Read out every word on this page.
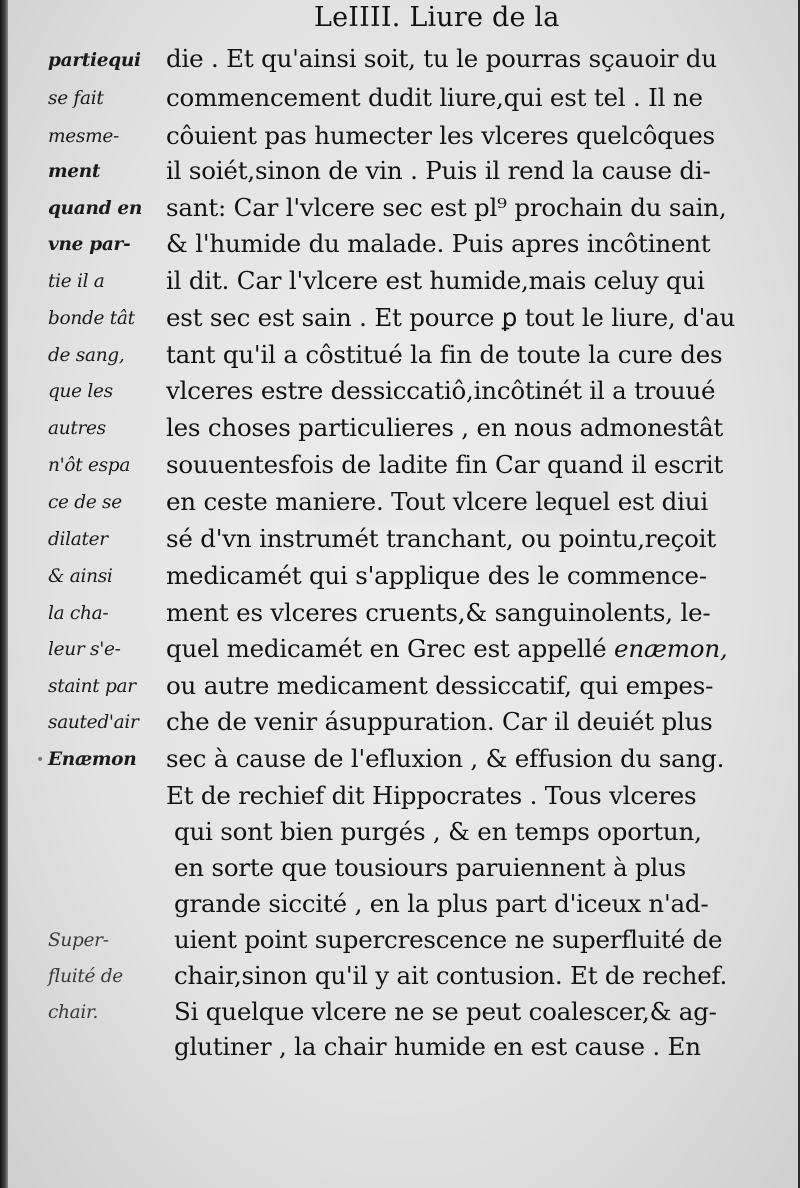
LeIIII. Liure de la
die . Et qu'ainsi soit, tu le pourras sçauoir du
commencement dudit liure,qui est tel . Il ne
côuient pas humecter les vlceres quelcôques
il soiét,sinon de vin . Puis il rend la cause di-
sant: Car l'vlcere sec est pl⁹ prochain du sain,
& l'humide du malade. Puis apres incôtinent
il dit. Car l'vlcere est humide,mais celuy qui
est sec est sain . Et pource ꝑ tout le liure, d'au
tant qu'il a côstitué la fin de toute la cure des
vlceres estre dessiccatiô,incôtinét il a trouué
les choses particulieres , en nous admonestât
souuentesfois de ladite fin Car quand il escrit
en ceste maniere. Tout vlcere lequel est diui
sé d'vn instrumét tranchant, ou pointu,reçoit
medicamét qui s'applique des le commence-
ment es vlceres cruents,& sanguinolents, le-
quel medicamét en Grec est appellé enæmon,
ou autre medicament dessiccatif, qui empes-
che de venir ásuppuration. Car il deuiét plus
sec à cause de l'efluxion , & effusion du sang.
Et de rechief dit Hippocrates . Tous vlceres
qui sont bien purgés , & en temps oportun,
en sorte que tousiours paruiennent à plus
grande siccité , en la plus part d'iceux n'ad-
uient point supercrescence ne superfluité de
chair,sinon qu'il y ait contusion. Et de rechef.
Si quelque vlcere ne se peut coalescer,& ag-
glutiner , la chair humide en est cause . En
partiequi
se fait
mesme-
ment
quand en
vne par-
tie il a
bonde tât
de sang,
que les
autres
n'ôt espa
ce de se
dilater
& ainsi
la cha-
leur s'e-
staint par
sauted'air
Enæmon
Super-
fluité de
chair.
•
